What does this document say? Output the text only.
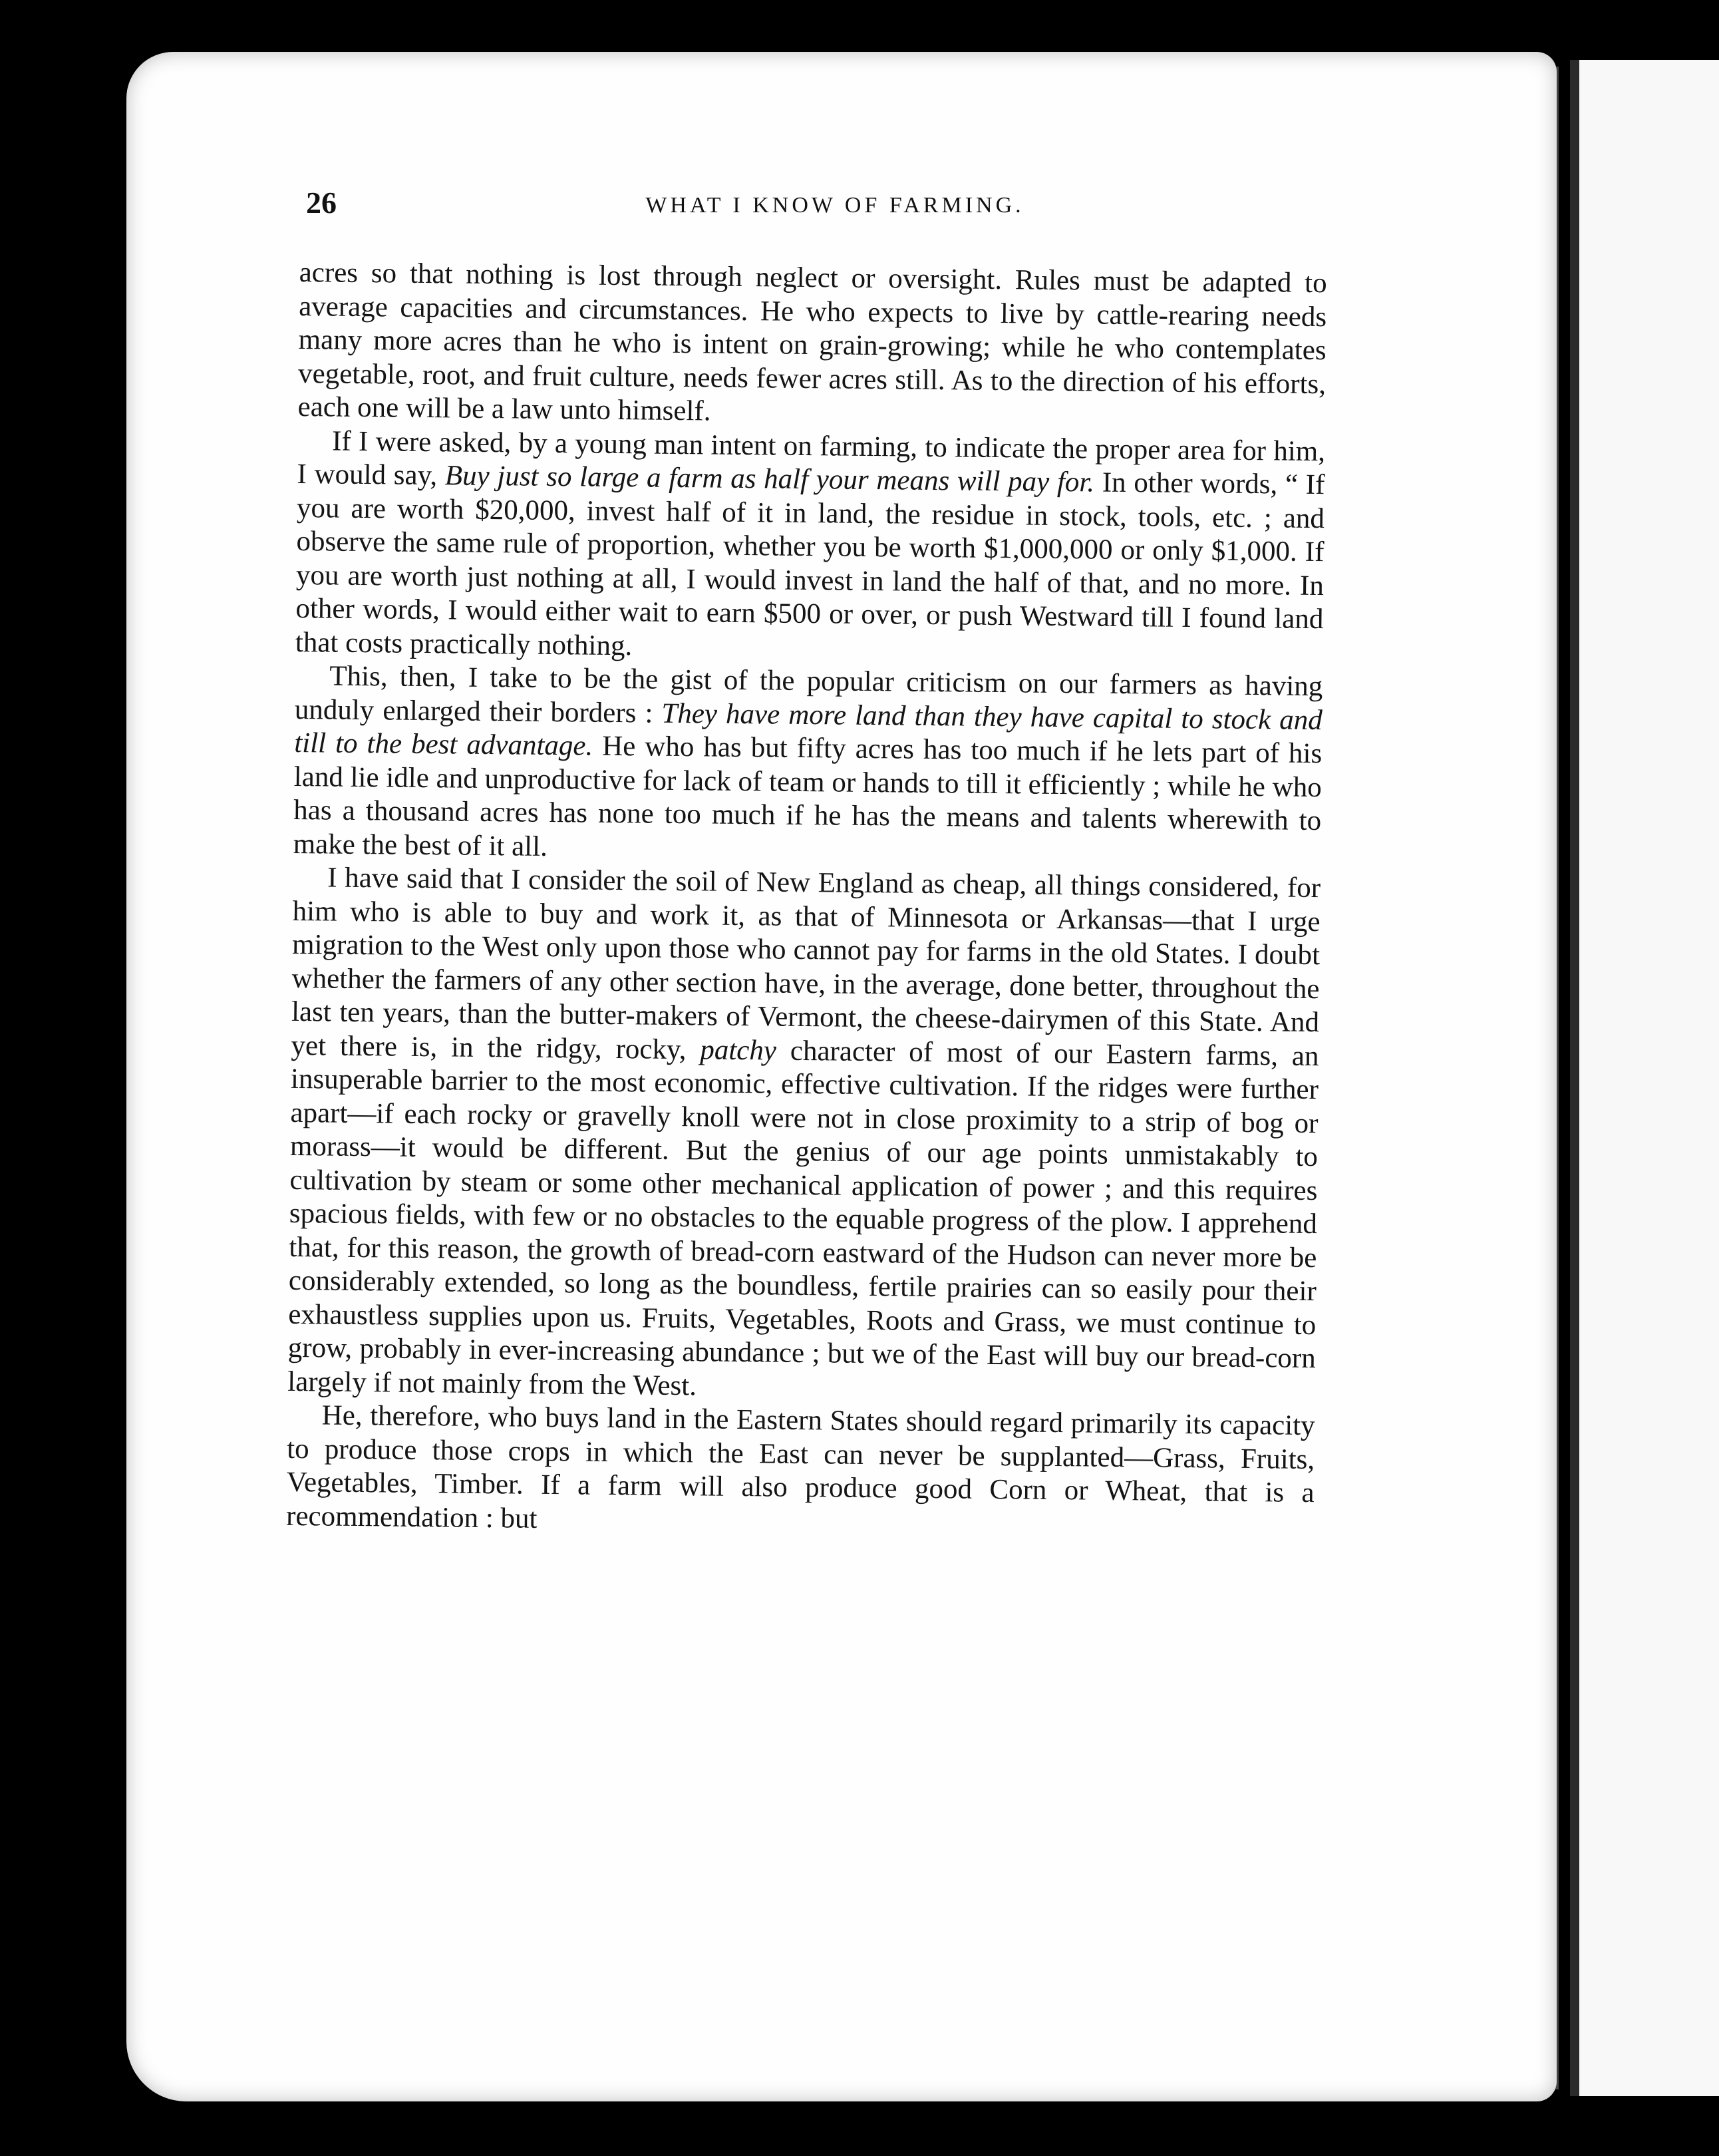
26	WHAT I KNOW OF FARMING.

acres so that nothing is lost through neglect or oversight. Rules must be adapted to average capacities and circumstances. He who expects to live by cattle-rearing needs many more acres than he who is intent on grain-growing; while he who contemplates vegetable, root, and fruit culture, needs fewer acres still. As to the direction of his efforts, each one will be a law unto himself.

If I were asked, by a young man intent on farming, to indicate the proper area for him, I would say, Buy just so large a farm as half your means will pay for. In other words, “ If you are worth $20,000, invest half of it in land, the residue in stock, tools, etc. ; and observe the same rule of proportion, whether you be worth $1,000,000 or only $1,000. If you are worth just nothing at all, I would invest in land the half of that, and no more. In other words, I would either wait to earn $500 or over, or push Westward till I found land that costs practically nothing.

This, then, I take to be the gist of the popular criticism on our farmers as having unduly enlarged their borders : They have more land than they have capital to stock and till to the best advantage. He who has but fifty acres has too much if he lets part of his land lie idle and unproductive for lack of team or hands to till it efficiently ; while he who has a thousand acres has none too much if he has the means and talents wherewith to make the best of it all.

I have said that I consider the soil of New England as cheap, all things considered, for him who is able to buy and work it, as that of Minnesota or Arkansas—that I urge migration to the West only upon those who cannot pay for farms in the old States. I doubt whether the farmers of any other section have, in the average, done better, throughout the last ten years, than the butter-makers of Vermont, the cheese-dairymen of this State. And yet there is, in the ridgy, rocky, patchy character of most of our Eastern farms, an insuperable barrier to the most economic, effective cultivation. If the ridges were further apart—if each rocky or gravelly knoll were not in close proximity to a strip of bog or morass—it would be different. But the genius of our age points unmistakably to cultivation by steam or some other mechanical application of power ; and this requires spacious fields, with few or no obstacles to the equable progress of the plow. I apprehend that, for this reason, the growth of bread-corn eastward of the Hudson can never more be considerably extended, so long as the boundless, fertile prairies can so easily pour their exhaustless supplies upon us. Fruits, Vegetables, Roots and Grass, we must continue to grow, probably in ever-increasing abundance ; but we of the East will buy our bread-corn largely if not mainly from the West.

He, therefore, who buys land in the Eastern States should regard primarily its capacity to produce those crops in which the East can never be supplanted—Grass, Fruits, Vegetables, Timber. If a farm will also produce good Corn or Wheat, that is a recommendation : but
